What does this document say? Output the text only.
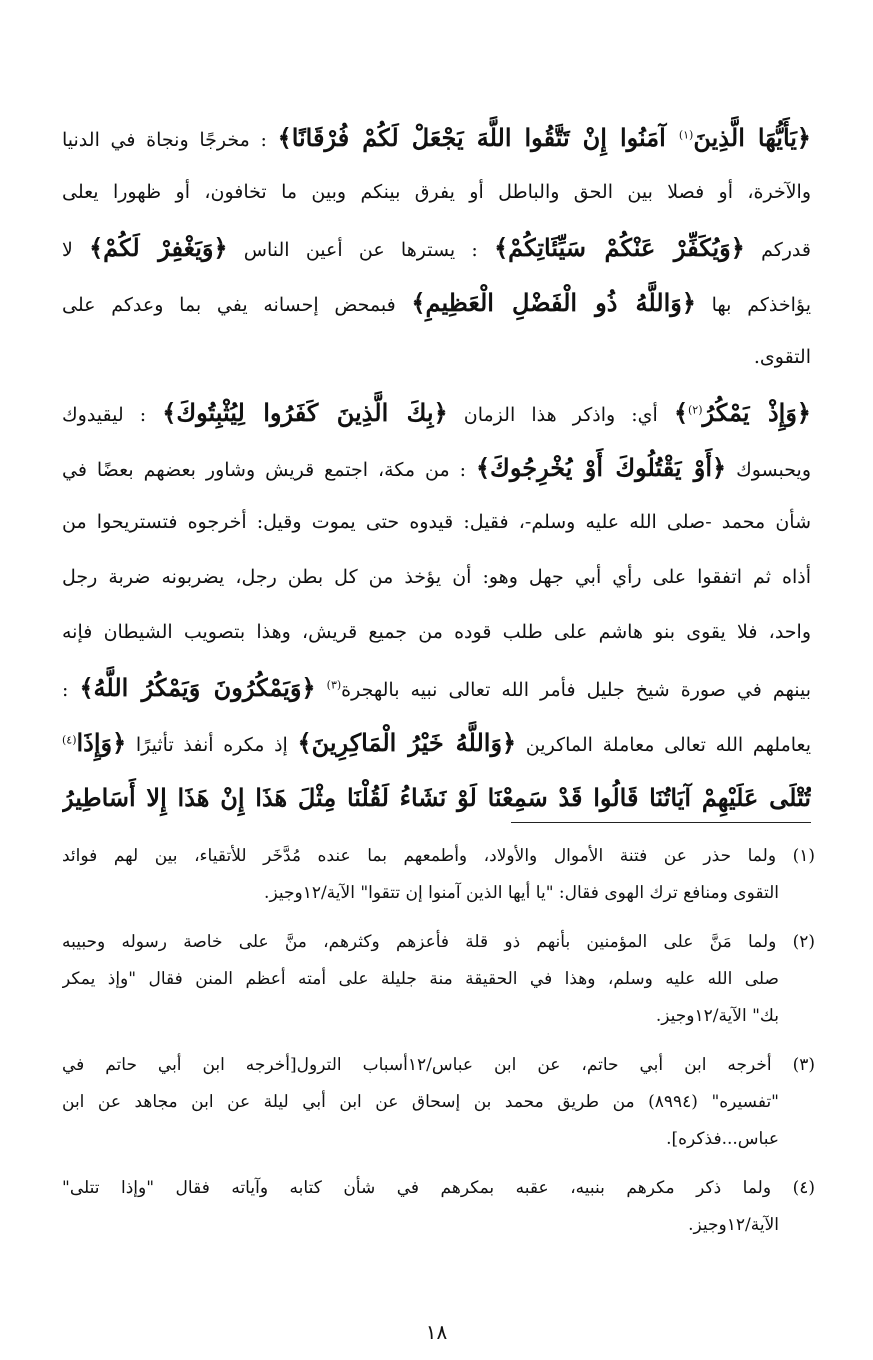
﴿يَأَيُّهَا الَّذِينَ$^{(١)}$ آمَنُوا إِنْ تَتَّقُوا اللَّهَ يَجْعَلْ لَكُمْ فُرْقَانًا﴾ : مخرجًا ونجاة في الدنيا
والآخرة، أو فصلا بين الحق والباطل أو يفرق بينكم وبين ما تخافون، أو ظهورا يعلى
قدركم ﴿وَيُكَفِّرْ عَنْكُمْ سَيِّئَاتِكُمْ﴾ : يسترها عن أعين الناس ﴿وَيَغْفِرْ لَكُمْ﴾ لا
يؤاخذكم بها ﴿وَاللَّهُ ذُو الْفَضْلِ الْعَظِيمِ﴾ فبمحض إحسانه يفي بما وعدكم على
التقوى.
﴿وَإِذْ يَمْكُرُ$^{(٢)}$﴾ أي: واذكر هذا الزمان ﴿بِكَ الَّذِينَ كَفَرُوا لِيُثْبِتُوكَ﴾ : ليقيدوك
ويحبسوك ﴿أَوْ يَقْتُلُوكَ أَوْ يُخْرِجُوكَ﴾ : من مكة، اجتمع قريش وشاور بعضهم بعضًا في
شأن محمد -صلى الله عليه وسلم-، فقيل: قيدوه حتى يموت وقيل: أخرجوه فتستريحوا من
أذاه ثم اتفقوا على رأي أبي جهل وهو: أن يؤخذ من كل بطن رجل، يضربونه ضربة رجل
واحد، فلا يقوى بنو هاشم على طلب قوده من جميع قريش، وهذا بتصويب الشيطان فإنه
بينهم في صورة شيخ جليل فأمر الله تعالى نبيه بالهجرة$^{(٣)}$ ﴿وَيَمْكُرُونَ وَيَمْكُرُ اللَّهُ﴾ :
يعاملهم الله تعالى معاملة الماكرين ﴿وَاللَّهُ خَيْرُ الْمَاكِرِينَ﴾ إذ مكره أنفذ تأثيرًا ﴿وَإِذَا$^{(٤)}$
تُتْلَى عَلَيْهِمْ آيَاتُنَا قَالُوا قَدْ سَمِعْنَا لَوْ نَشَاءُ لَقُلْنَا مِثْلَ هَذَا إِنْ هَذَا إِلا أَسَاطِيرُ
(١) ولما حذر عن فتنة الأموال والأولاد، وأطمعهم بما عنده مُدَّخَر للأتقياء، بين لهم فوائد
التقوى ومنافع ترك الهوى فقال: "يا أيها الذين آمنوا إن تتقوا" الآية/١٢وجيز.
(٢) ولما مَنَّ على المؤمنين بأنهم ذو قلة فأعزهم وكثرهم، منَّ على خاصة رسوله وحبيبه
صلى الله عليه وسلم، وهذا في الحقيقة منة جليلة على أمته أعظم المنن فقال "وإذ يمكر
بك" الآية/١٢وجيز.
(٣) أخرجه ابن أبي حاتم، عن ابن عباس/١٢أسباب الترول[أخرجه ابن أبي حاتم في
"تفسيره" (٨٩٩٤) من طريق محمد بن إسحاق عن ابن أبي ليلة عن ابن مجاهد عن ابن
عباس...فذكره].
(٤) ولما ذكر مكرهم بنبيه، عقبه بمكرهم في شأن كتابه وآياته فقال "وإذا تتلى"
الآية/١٢وجيز.
١٨
